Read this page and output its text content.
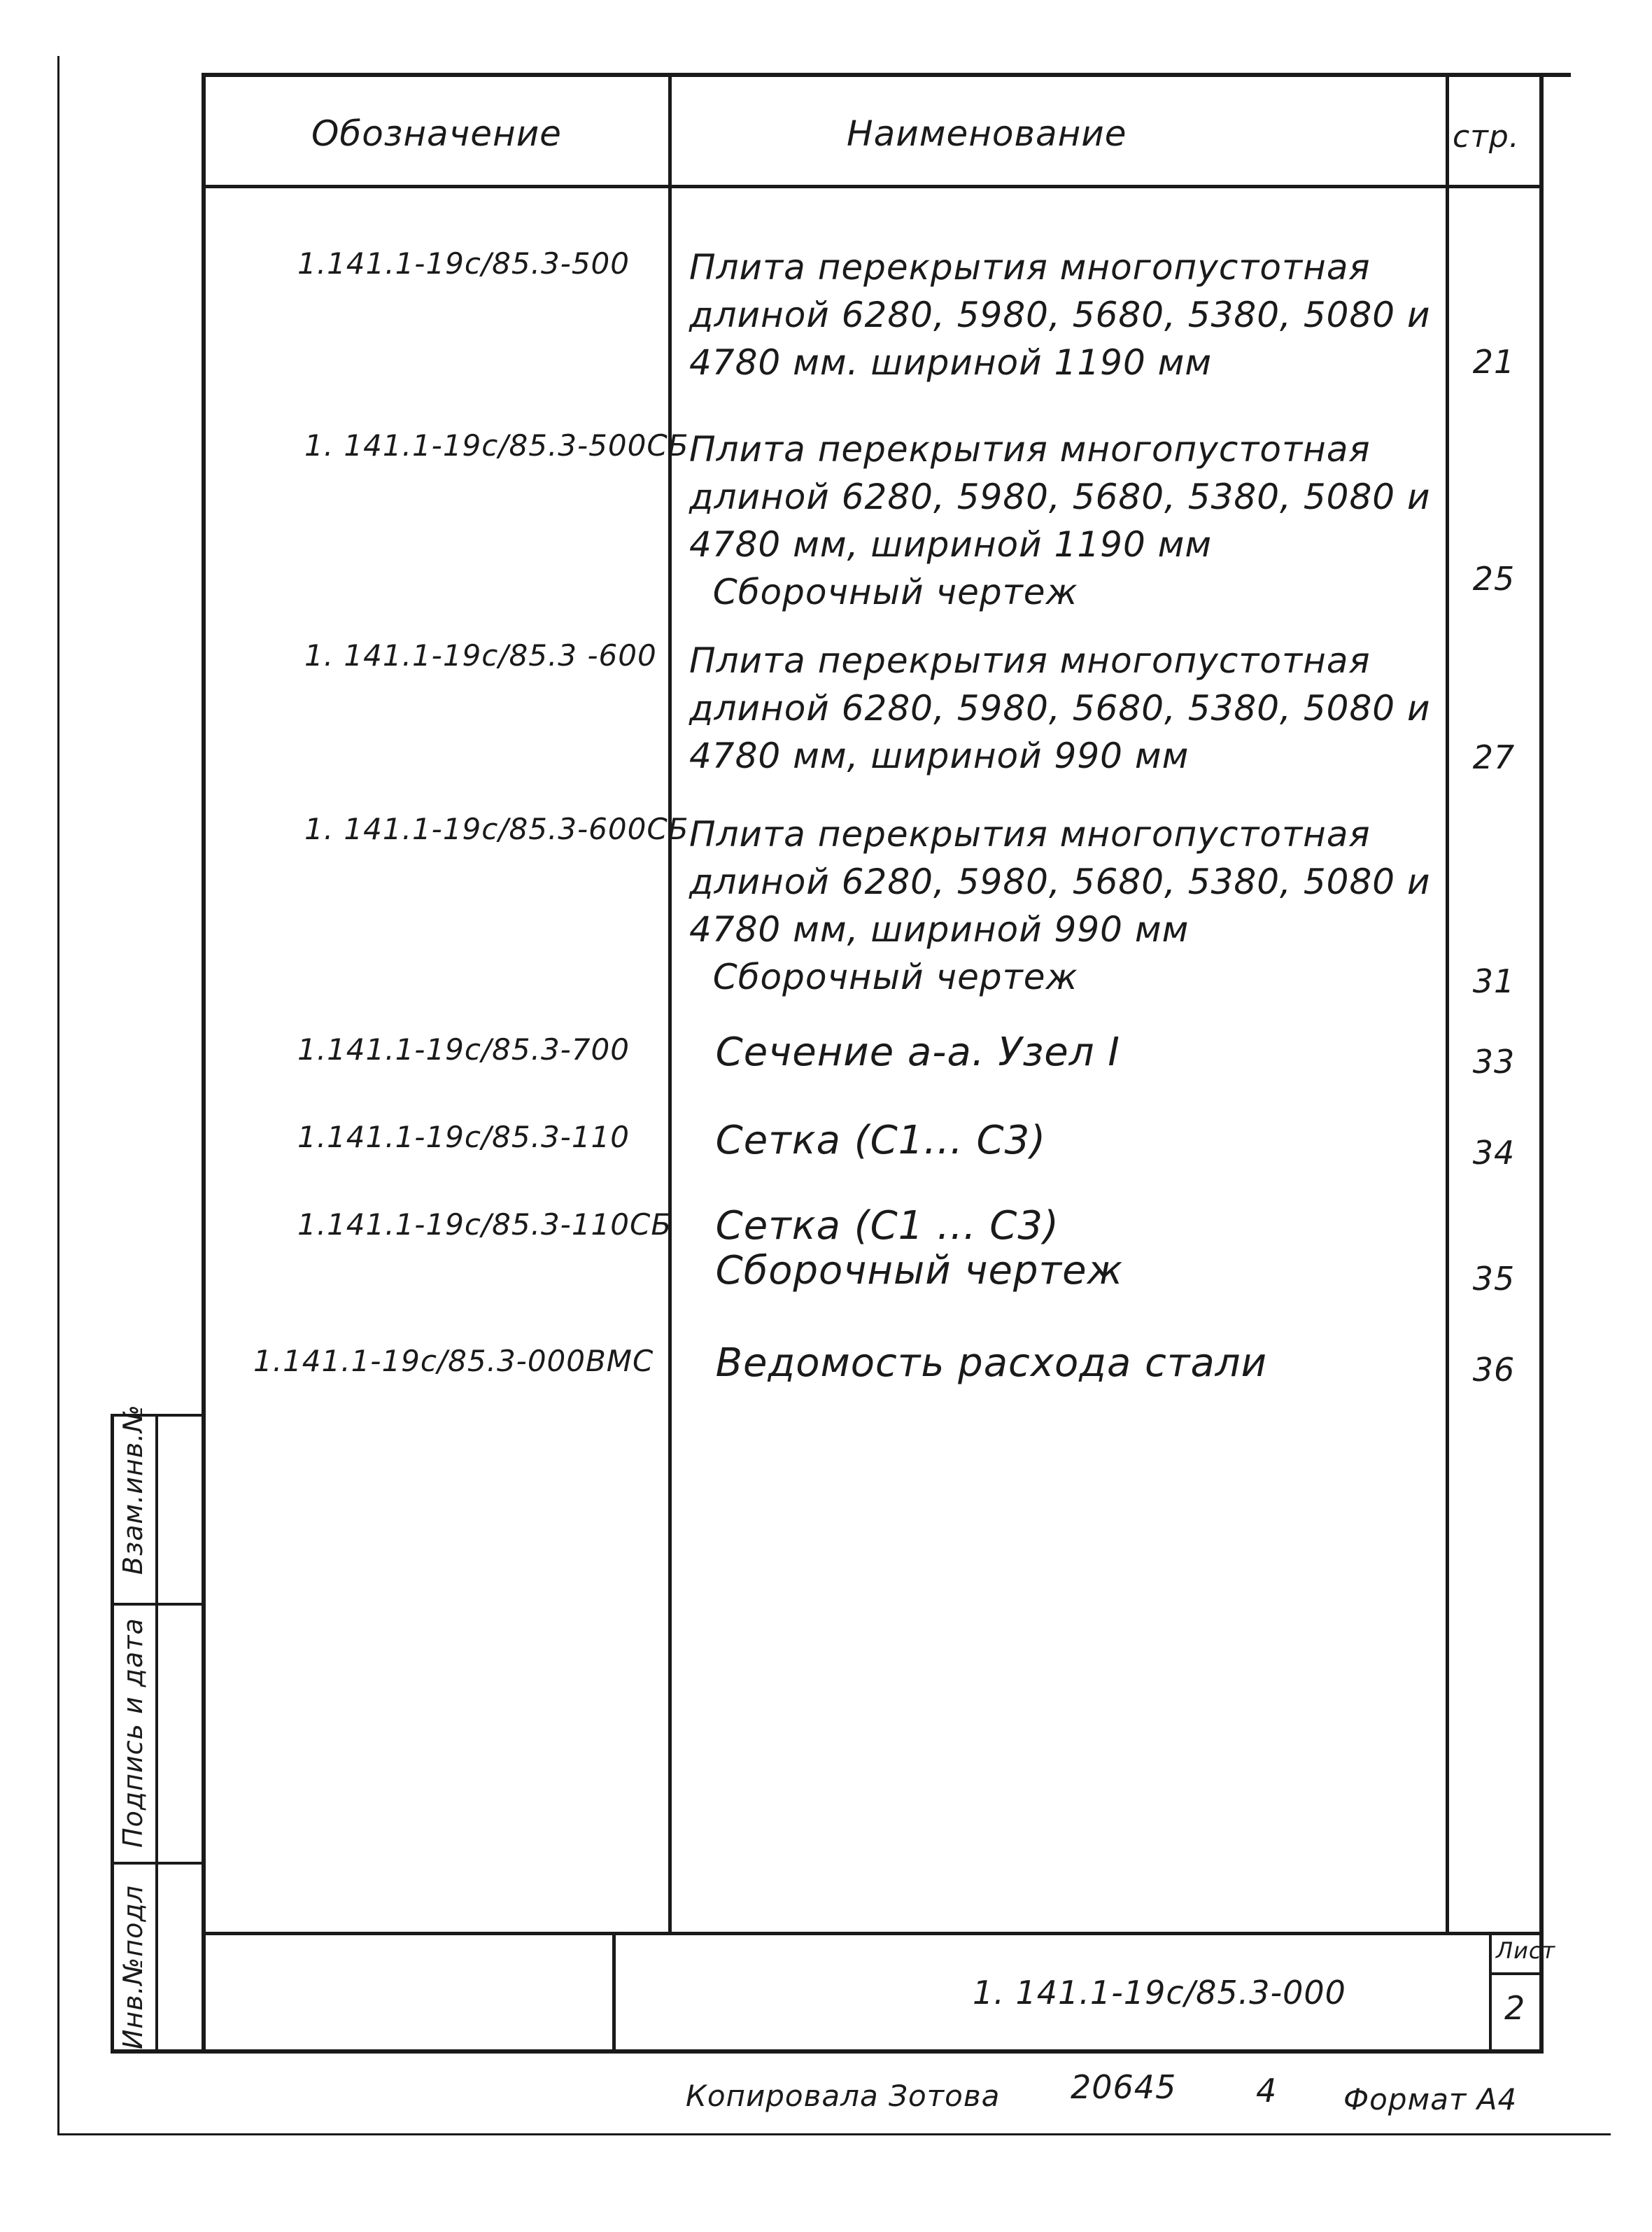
Взам.инв.№
Подпись и дата
Инв.№подл
Обозначение	Наименование	стр.
1.141.1-19с/85.3-500 Плита перекрытия многопустотная
длиной 6280, 5980, 5680, 5380, 5080 и
4780 мм. шириной 1190 мм	21
1. 141.1-19с/85.3-500СБ Плита перекрытия многопустотная
длиной 6280, 5980, 5680, 5380, 5080 и
4780 мм, шириной 1190 мм
Сборочный чертеж	25
1. 141.1-19с/85.3 -600 Плита перекрытия многопустотная
длиной 6280, 5980, 5680, 5380, 5080 и
4780 мм, шириной 990 мм	27
1. 141.1-19с/85.3-600СБ Плита перекрытия многопустотная
длиной 6280, 5980, 5680, 5380, 5080 и
4780 мм, шириной 990 мм
Сборочный чертеж	31
1.141.1-19с/85.3-700 Сечение а-а. Узел I	33
1.141.1-19с/85.3-110 Сетка (С1... С3)	34
1.141.1-19с/85.3-110СБ	Сетка (С1 ... С3)
Сборочный чертеж	35
1.141.1-19с/85.3-000ВМС Ведомость расхода стали	36
1. 141.1-19с/85.3-000
Лист
2
Копировала Зотова 20645 4 Формат А4
